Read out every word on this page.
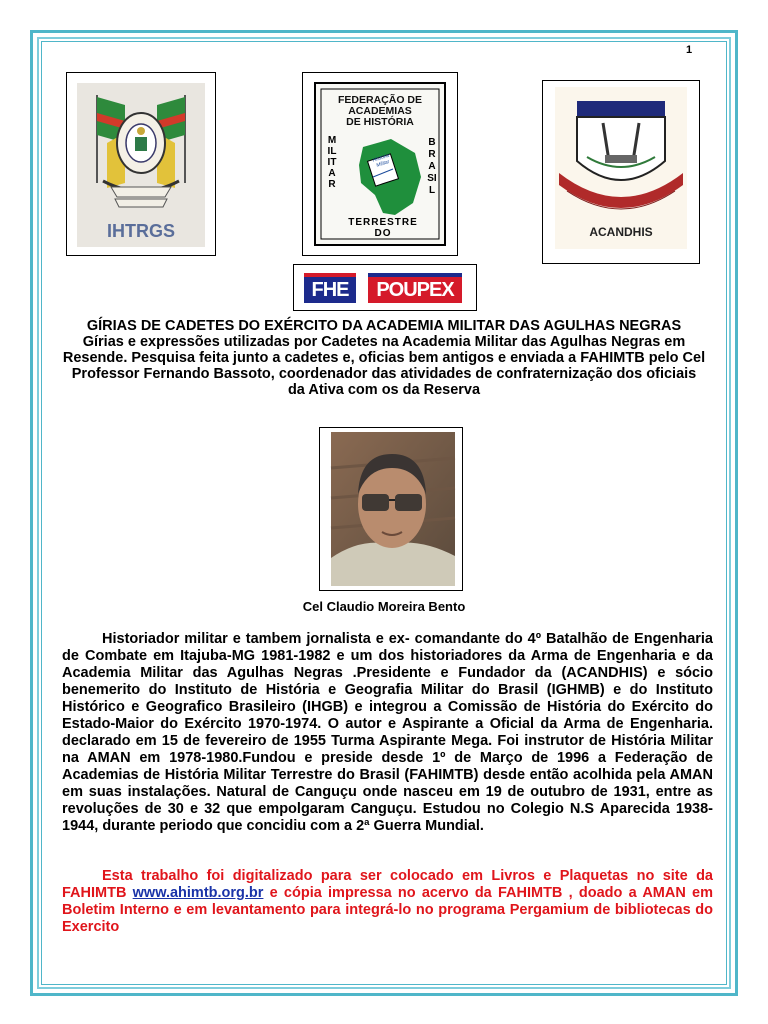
1
IHTRGS
FEDERAÇÃO DE
ACADEMIAS
DE HISTÓRIA
MILITAR
BRASIL
TERRESTRE DO
História Militar
ACANDHIS
FHE	POUPEX
GÍRIAS DE CADETES DO EXÉRCITO DA ACADEMIA MILITAR DAS AGULHAS NEGRAS
Gírias e expressões utilizadas por Cadetes na Academia Militar das Agulhas Negras em Resende. Pesquisa feita junto a cadetes e, oficias bem antigos e enviada a FAHIMTB pelo Cel Professor Fernando Bassoto, coordenador das atividades de confraternização dos oficiais da Ativa com os da Reserva
Cel Claudio Moreira Bento
Historiador militar e tambem jornalista e ex- comandante do 4º Batalhão de Engenharia de Combate em Itajuba-MG 1981-1982 e um dos historiadores da Arma de Engenharia e da Academia Militar das Agulhas Negras .Presidente e Fundador da (ACANDHIS) e sócio benemerito do Instituto de História e Geografia Militar do Brasil (IGHMB) e do Instituto Histórico e Geografico Brasileiro (IHGB) e integrou a Comissão de História do Exército do Estado-Maior do Exército 1970-1974. O autor e Aspirante a Oficial da Arma de Engenharia. declarado em 15 de fevereiro de 1955 Turma Aspirante Mega. Foi instrutor de História Militar na AMAN em 1978-1980.Fundou e preside desde 1º de Março de 1996 a Federação de Academias de História Militar Terrestre do Brasil (FAHIMTB) desde então acolhida pela AMAN em suas instalações. Natural de Canguçu onde nasceu em 19 de outubro de 1931, entre as revoluções de 30 e 32 que empolgaram Canguçu. Estudou no Colegio N.S Aparecida 1938-1944, durante periodo que concidiu com a 2ª Guerra Mundial.
Esta trabalho foi digitalizado para ser colocado em Livros e Plaquetas no site da FAHIMTB www.ahimtb.org.br e cópia impressa no acervo da FAHIMTB , doado a AMAN em Boletim Interno e em levantamento para integrá-lo no programa Pergamium de bibliotecas do Exercito
